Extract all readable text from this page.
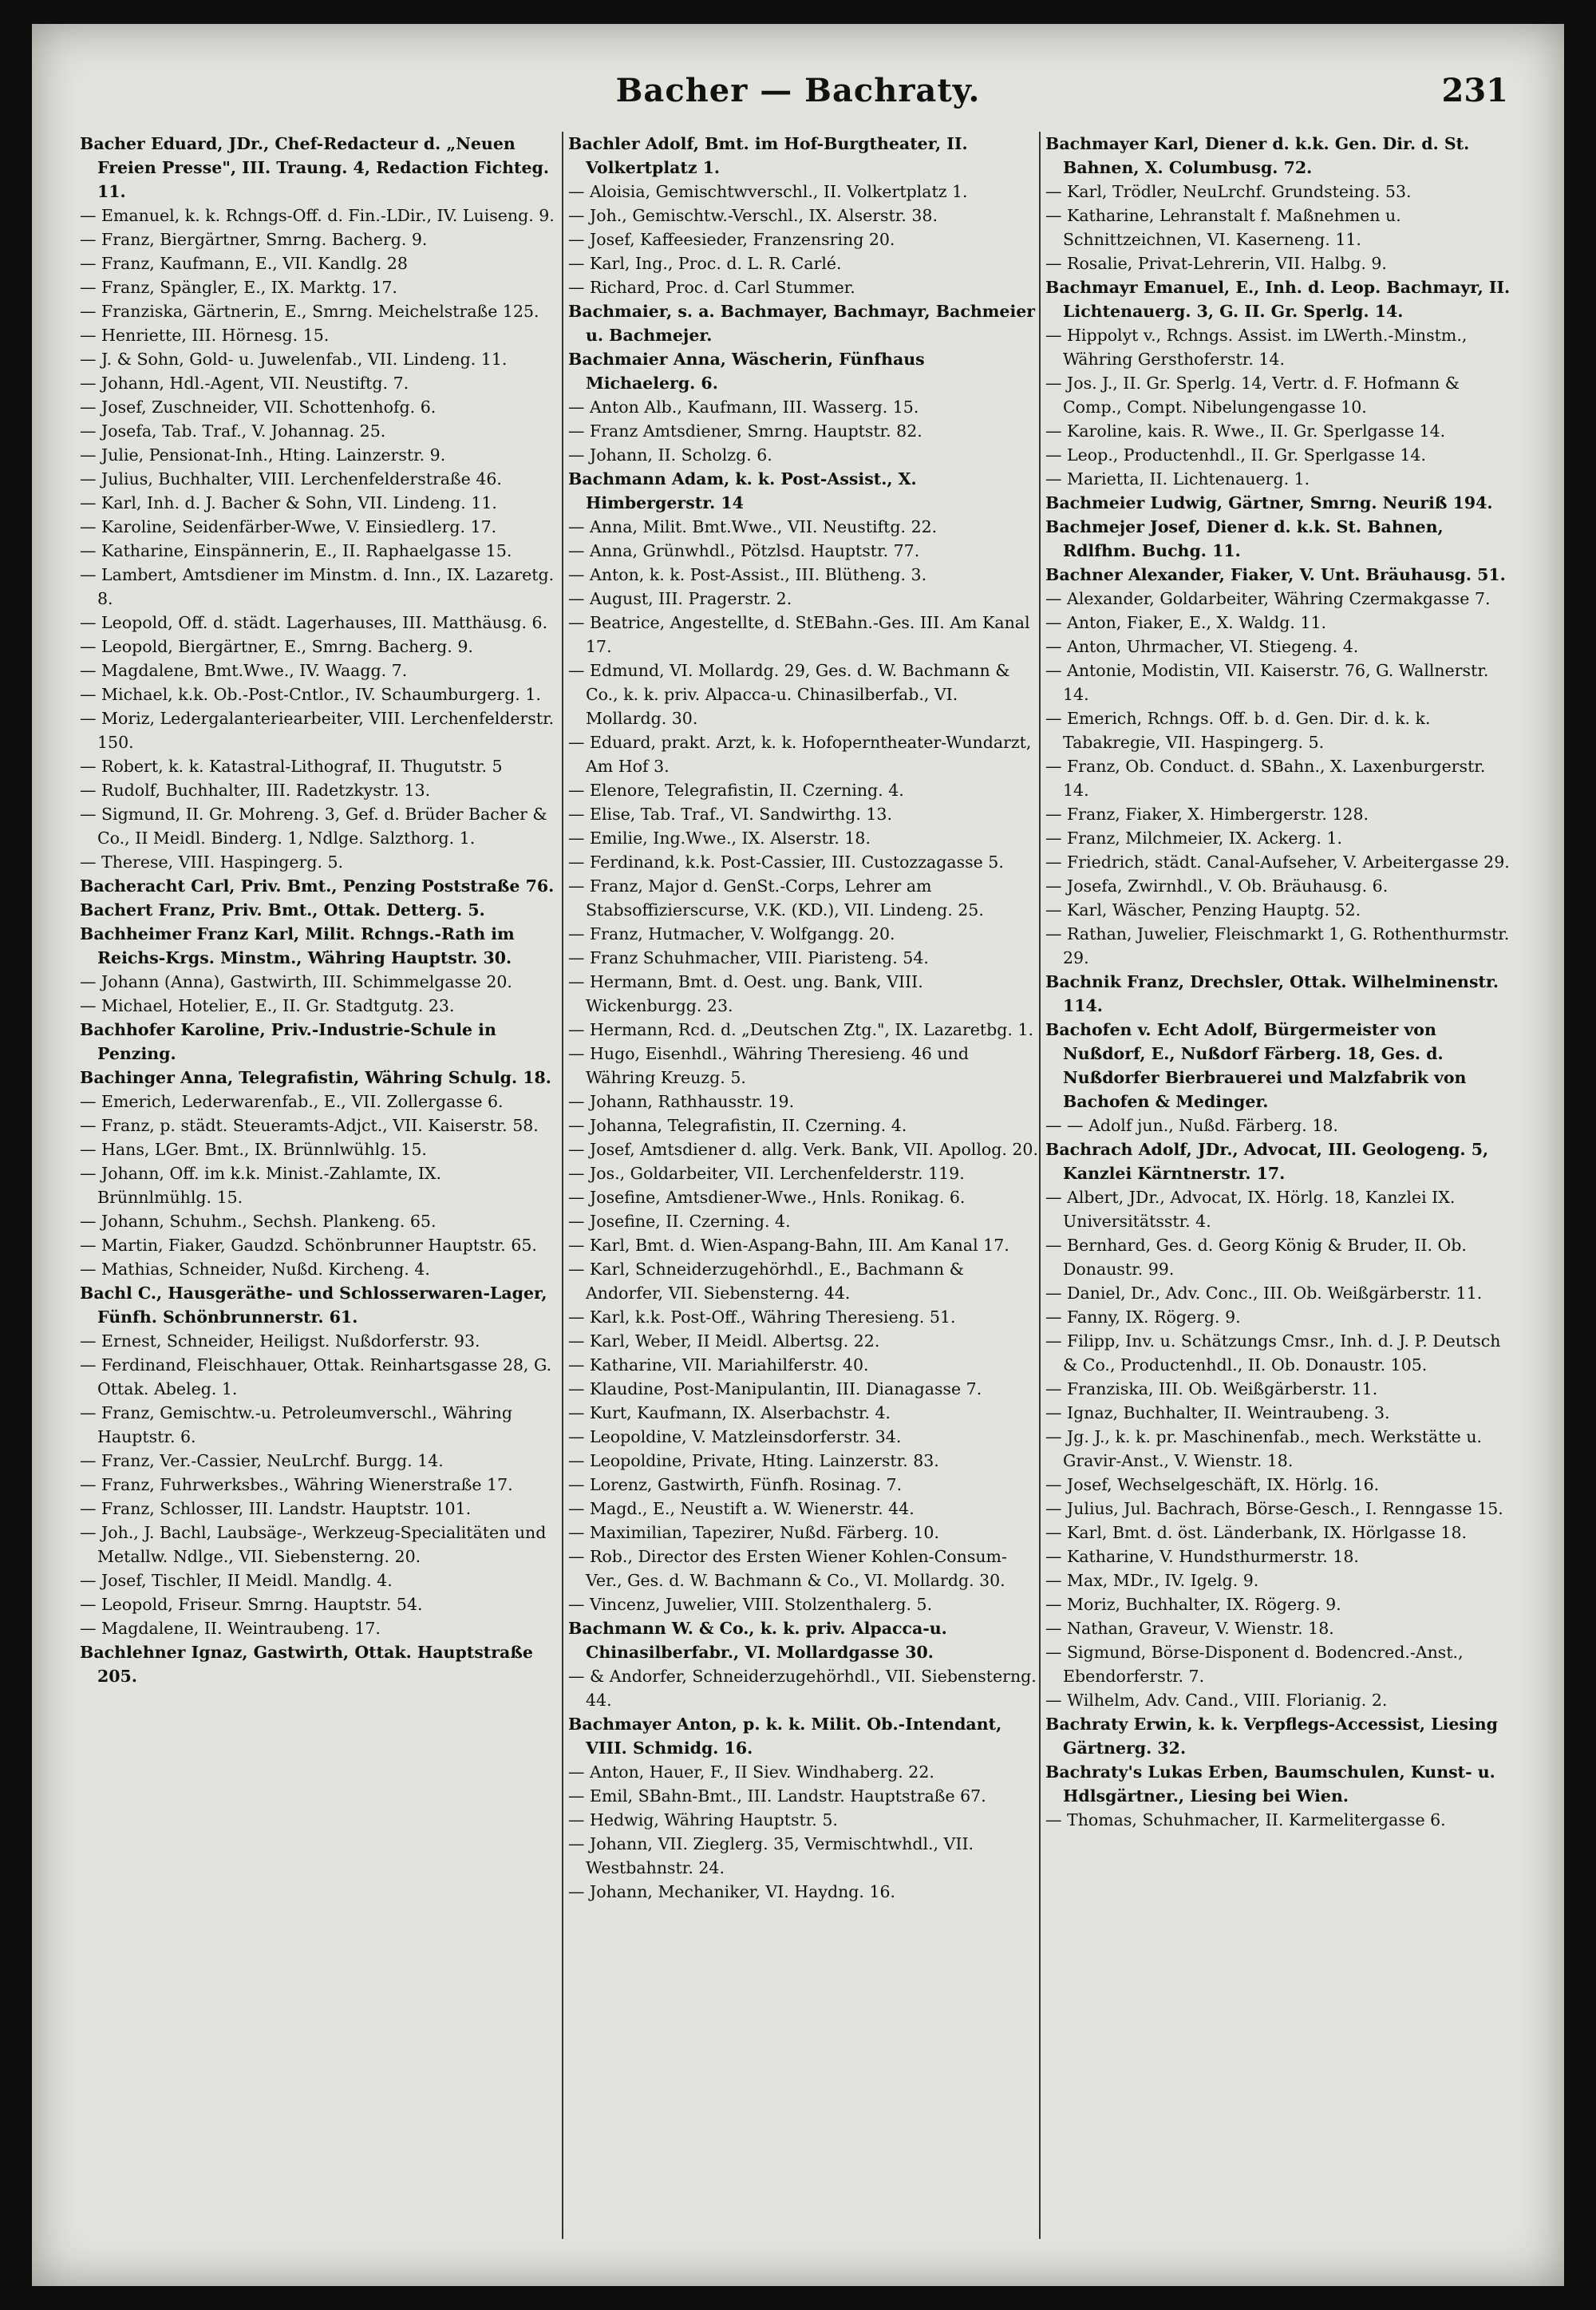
Bacher — Bachraty.	231

Bacher Eduard, JDr., Chef-Redacteur d. „Neuen Freien Presse", III. Traung. 4, Redaction Fichteg. 11.

— Emanuel, k. k. Rchngs-Off. d. Fin.-LDir., IV. Luiseng. 9.

— Franz, Biergärtner, Smrng. Bacherg. 9.

— Franz, Kaufmann, E., VII. Kandlg. 28

— Franz, Spängler, E., IX. Marktg. 17.

— Franziska, Gärtnerin, E., Smrng. Meichelstraße 125.

— Henriette, III. Hörnesg. 15.

— J. & Sohn, Gold- u. Juwelenfab., VII. Lindeng. 11.

— Johann, Hdl.-Agent, VII. Neustiftg. 7.

— Josef, Zuschneider, VII. Schottenhofg. 6.

— Josefa, Tab. Traf., V. Johannag. 25.

— Julie, Pensionat-Inh., Hting. Lainzerstr. 9.

— Julius, Buchhalter, VIII. Lerchenfelderstraße 46.

— Karl, Inh. d. J. Bacher & Sohn, VII. Lindeng. 11.

— Karoline, Seidenfärber-Wwe, V. Einsiedlerg. 17.

— Katharine, Einspännerin, E., II. Raphaelgasse 15.

— Lambert, Amtsdiener im Minstm. d. Inn., IX. Lazaretg. 8.

— Leopold, Off. d. städt. Lagerhauses, III. Matthäusg. 6.

— Leopold, Biergärtner, E., Smrng. Bacherg. 9.

— Magdalene, Bmt.Wwe., IV. Waagg. 7.

— Michael, k.k. Ob.-Post-Cntlor., IV. Schaumburgerg. 1.

— Moriz, Ledergalanteriearbeiter, VIII. Lerchenfelderstr. 150.

— Robert, k. k. Katastral-Lithograf, II. Thugutstr. 5

— Rudolf, Buchhalter, III. Radetzkystr. 13.

— Sigmund, II. Gr. Mohreng. 3, Gef. d. Brüder Bacher & Co., II Meidl. Binderg. 1, Ndlge. Salzthorg. 1.

— Therese, VIII. Haspingerg. 5.

Bacheracht Carl, Priv. Bmt., Penzing Poststraße 76.

Bachert Franz, Priv. Bmt., Ottak. Detterg. 5.

Bachheimer Franz Karl, Milit. Rchngs.-Rath im Reichs-Krgs. Minstm., Währing Hauptstr. 30.

— Johann (Anna), Gastwirth, III. Schimmelgasse 20.

— Michael, Hotelier, E., II. Gr. Stadtgutg. 23.

Bachhofer Karoline, Priv.-Industrie-Schule in Penzing.

Bachinger Anna, Telegrafistin, Währing Schulg. 18.

— Emerich, Lederwarenfab., E., VII. Zollergasse 6.

— Franz, p. städt. Steueramts-Adjct., VII. Kaiserstr. 58.

— Hans, LGer. Bmt., IX. Brünnlwühlg. 15.

— Johann, Off. im k.k. Minist.-Zahlamte, IX. Brünnlmühlg. 15.

— Johann, Schuhm., Sechsh. Plankeng. 65.

— Martin, Fiaker, Gaudzd. Schönbrunner Hauptstr. 65.

— Mathias, Schneider, Nußd. Kircheng. 4.

Bachl C., Hausgeräthe- und Schlosserwaren-Lager, Fünfh. Schönbrunnerstr. 61.

— Ernest, Schneider, Heiligst. Nußdorferstr. 93.

— Ferdinand, Fleischhauer, Ottak. Reinhartsgasse 28, G. Ottak. Abeleg. 1.

— Franz, Gemischtw.-u. Petroleumverschl., Währing Hauptstr. 6.

— Franz, Ver.-Cassier, NeuLrchf. Burgg. 14.

— Franz, Fuhrwerksbes., Währing Wienerstraße 17.

— Franz, Schlosser, III. Landstr. Hauptstr. 101.

— Joh., J. Bachl, Laubsäge-, Werkzeug-Specialitäten und Metallw. Ndlge., VII. Siebensterng. 20.

— Josef, Tischler, II Meidl. Mandlg. 4.

— Leopold, Friseur. Smrng. Hauptstr. 54.

— Magdalene, II. Weintraubeng. 17.

Bachlehner Ignaz, Gastwirth, Ottak. Hauptstraße 205.

Bachler Adolf, Bmt. im Hof-Burgtheater, II. Volkertplatz 1.

— Aloisia, Gemischtwverschl., II. Volkertplatz 1.

— Joh., Gemischtw.-Verschl., IX. Alserstr. 38.

— Josef, Kaffeesieder, Franzensring 20.

— Karl, Ing., Proc. d. L. R. Carlé.

— Richard, Proc. d. Carl Stummer.

Bachmaier, s. a. Bachmayer, Bachmayr, Bachmeier u. Bachmejer.

Bachmaier Anna, Wäscherin, Fünfhaus Michaelerg. 6.

— Anton Alb., Kaufmann, III. Wasserg. 15.

— Franz Amtsdiener, Smrng. Hauptstr. 82.

— Johann, II. Scholzg. 6.

Bachmann Adam, k. k. Post-Assist., X. Himbergerstr. 14

— Anna, Milit. Bmt.Wwe., VII. Neustiftg. 22.

— Anna, Grünwhdl., Pötzlsd. Hauptstr. 77.

— Anton, k. k. Post-Assist., III. Blütheng. 3.

— August, III. Pragerstr. 2.

— Beatrice, Angestellte, d. StEBahn.-Ges. III. Am Kanal 17.

— Edmund, VI. Mollardg. 29, Ges. d. W. Bachmann & Co., k. k. priv. Alpacca-u. Chinasilberfab., VI. Mollardg. 30.

— Eduard, prakt. Arzt, k. k. Hofoperntheater-Wundarzt, Am Hof 3.

— Elenore, Telegrafistin, II. Czerning. 4.

— Elise, Tab. Traf., VI. Sandwirthg. 13.

— Emilie, Ing.Wwe., IX. Alserstr. 18.

— Ferdinand, k.k. Post-Cassier, III. Custozzagasse 5.

— Franz, Major d. GenSt.-Corps, Lehrer am Stabsoffizierscurse, V.K. (KD.), VII. Lindeng. 25.

— Franz, Hutmacher, V. Wolfgangg. 20.

— Franz Schuhmacher, VIII. Piaristeng. 54.

— Hermann, Bmt. d. Oest. ung. Bank, VIII. Wickenburgg. 23.

— Hermann, Rcd. d. „Deutschen Ztg.", IX. Lazaretbg. 1.

— Hugo, Eisenhdl., Währing Theresieng. 46 und Währing Kreuzg. 5.

— Johann, Rathhausstr. 19.

— Johanna, Telegrafistin, II. Czerning. 4.

— Josef, Amtsdiener d. allg. Verk. Bank, VII. Apollog. 20.

— Jos., Goldarbeiter, VII. Lerchenfelderstr. 119.

— Josefine, Amtsdiener-Wwe., Hnls. Ronikag. 6.

— Josefine, II. Czerning. 4.

— Karl, Bmt. d. Wien-Aspang-Bahn, III. Am Kanal 17.

— Karl, Schneiderzugehörhdl., E., Bachmann & Andorfer, VII. Siebensterng. 44.

— Karl, k.k. Post-Off., Währing Theresieng. 51.

— Karl, Weber, II Meidl. Albertsg. 22.

— Katharine, VII. Mariahilferstr. 40.

— Klaudine, Post-Manipulantin, III. Dianagasse 7.

— Kurt, Kaufmann, IX. Alserbachstr. 4.

— Leopoldine, V. Matzleinsdorferstr. 34.

— Leopoldine, Private, Hting. Lainzerstr. 83.

— Lorenz, Gastwirth, Fünfh. Rosinag. 7.

— Magd., E., Neustift a. W. Wienerstr. 44.

— Maximilian, Tapezirer, Nußd. Färberg. 10.

— Rob., Director des Ersten Wiener Kohlen-Consum-Ver., Ges. d. W. Bachmann & Co., VI. Mollardg. 30.

— Vincenz, Juwelier, VIII. Stolzenthalerg. 5.

Bachmann W. & Co., k. k. priv. Alpacca-u. Chinasilberfabr., VI. Mollardgasse 30.

— & Andorfer, Schneiderzugehörhdl., VII. Siebensterng. 44.

Bachmayer Anton, p. k. k. Milit. Ob.-Intendant, VIII. Schmidg. 16.

— Anton, Hauer, F., II Siev. Windhaberg. 22.

— Emil, SBahn-Bmt., III. Landstr. Hauptstraße 67.

— Hedwig, Währing Hauptstr. 5.

— Johann, VII. Zieglerg. 35, Vermischtwhdl., VII. Westbahnstr. 24.

— Johann, Mechaniker, VI. Haydng. 16.

Bachmayer Karl, Diener d. k.k. Gen. Dir. d. St. Bahnen, X. Columbusg. 72.

— Karl, Trödler, NeuLrchf. Grundsteing. 53.

— Katharine, Lehranstalt f. Maßnehmen u. Schnittzeichnen, VI. Kaserneng. 11.

— Rosalie, Privat-Lehrerin, VII. Halbg. 9.

Bachmayr Emanuel, E., Inh. d. Leop. Bachmayr, II. Lichtenauerg. 3, G. II. Gr. Sperlg. 14.

— Hippolyt v., Rchngs. Assist. im LWerth.-Minstm., Währing Gersthoferstr. 14.

— Jos. J., II. Gr. Sperlg. 14, Vertr. d. F. Hofmann & Comp., Compt. Nibelungengasse 10.

— Karoline, kais. R. Wwe., II. Gr. Sperlgasse 14.

— Leop., Productenhdl., II. Gr. Sperlgasse 14.

— Marietta, II. Lichtenauerg. 1.

Bachmeier Ludwig, Gärtner, Smrng. Neuriß 194.

Bachmejer Josef, Diener d. k.k. St. Bahnen, Rdlfhm. Buchg. 11.

Bachner Alexander, Fiaker, V. Unt. Bräuhausg. 51.

— Alexander, Goldarbeiter, Währing Czermakgasse 7.

— Anton, Fiaker, E., X. Waldg. 11.

— Anton, Uhrmacher, VI. Stiegeng. 4.

— Antonie, Modistin, VII. Kaiserstr. 76, G. Wallnerstr. 14.

— Emerich, Rchngs. Off. b. d. Gen. Dir. d. k. k. Tabakregie, VII. Haspingerg. 5.

— Franz, Ob. Conduct. d. SBahn., X. Laxenburgerstr. 14.

— Franz, Fiaker, X. Himbergerstr. 128.

— Franz, Milchmeier, IX. Ackerg. 1.

— Friedrich, städt. Canal-Aufseher, V. Arbeitergasse 29.

— Josefa, Zwirnhdl., V. Ob. Bräuhausg. 6.

— Karl, Wäscher, Penzing Hauptg. 52.

— Rathan, Juwelier, Fleischmarkt 1, G. Rothenthurmstr. 29.

Bachnik Franz, Drechsler, Ottak. Wilhelminenstr. 114.

Bachofen v. Echt Adolf, Bürgermeister von Nußdorf, E., Nußdorf Färberg. 18, Ges. d. Nußdorfer Bierbrauerei und Malzfabrik von Bachofen & Medinger.

— — Adolf jun., Nußd. Färberg. 18.

Bachrach Adolf, JDr., Advocat, III. Geologeng. 5, Kanzlei Kärntnerstr. 17.

— Albert, JDr., Advocat, IX. Hörlg. 18, Kanzlei IX. Universitätsstr. 4.

— Bernhard, Ges. d. Georg König & Bruder, II. Ob. Donaustr. 99.

— Daniel, Dr., Adv. Conc., III. Ob. Weißgärberstr. 11.

— Fanny, IX. Rögerg. 9.

— Filipp, Inv. u. Schätzungs Cmsr., Inh. d. J. P. Deutsch & Co., Productenhdl., II. Ob. Donaustr. 105.

— Franziska, III. Ob. Weißgärberstr. 11.

— Ignaz, Buchhalter, II. Weintraubeng. 3.

— Jg. J., k. k. pr. Maschinenfab., mech. Werkstätte u. Gravir-Anst., V. Wienstr. 18.

— Josef, Wechselgeschäft, IX. Hörlg. 16.

— Julius, Jul. Bachrach, Börse-Gesch., I. Renngasse 15.

— Karl, Bmt. d. öst. Länderbank, IX. Hörlgasse 18.

— Katharine, V. Hundsthurmerstr. 18.

— Max, MDr., IV. Igelg. 9.

— Moriz, Buchhalter, IX. Rögerg. 9.

— Nathan, Graveur, V. Wienstr. 18.

— Sigmund, Börse-Disponent d. Bodencred.-Anst., Ebendorferstr. 7.

— Wilhelm, Adv. Cand., VIII. Florianig. 2.

Bachraty Erwin, k. k. Verpflegs-Accessist, Liesing Gärtnerg. 32.

Bachraty's Lukas Erben, Baumschulen, Kunst- u. Hdlsgärtner., Liesing bei Wien.

— Thomas, Schuhmacher, II. Karmelitergasse 6.
